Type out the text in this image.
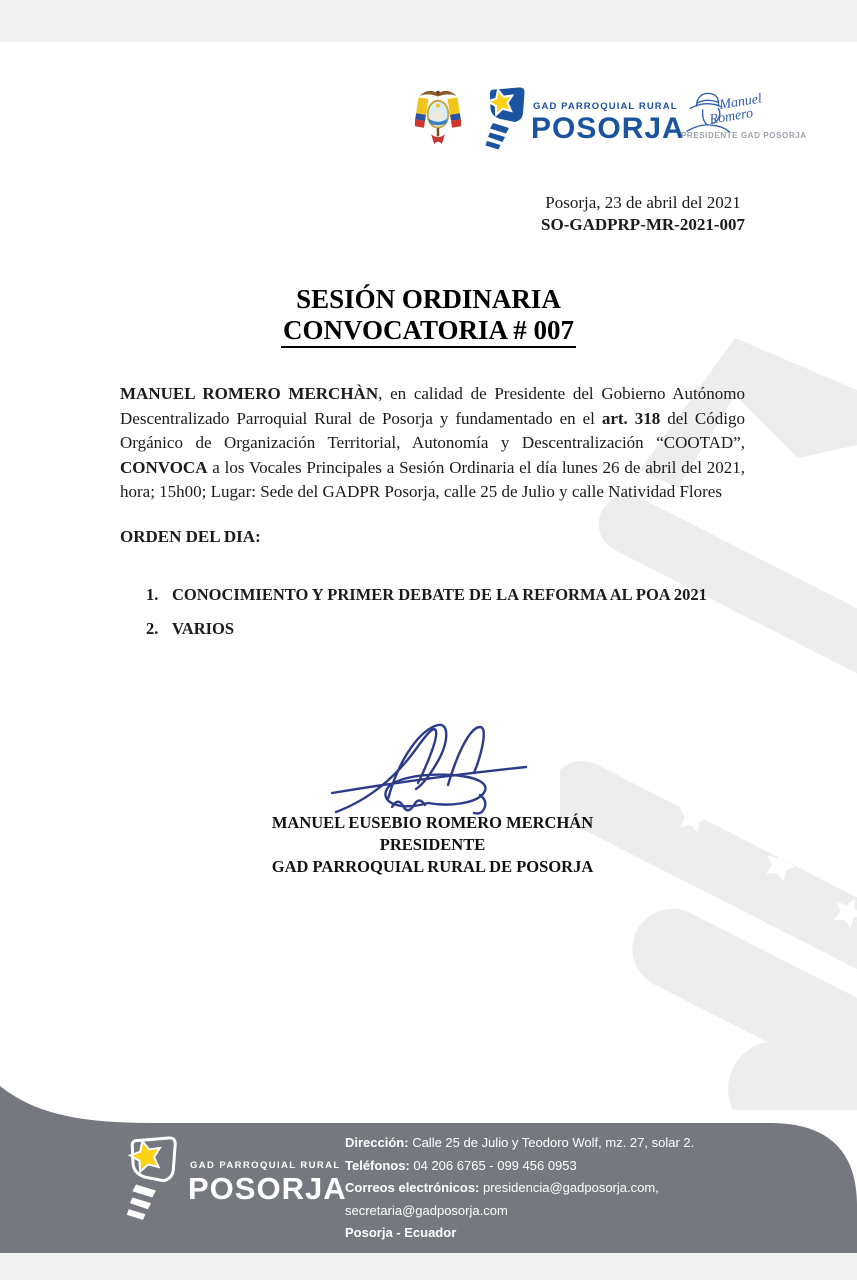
GAD PARROQUIAL RURAL
POSORJA
Manuel
Romero
PRESIDENTE GAD POSORJA
Posorja, 23 de abril del 2021
SO-GADPRP-MR-2021-007
SESIÓN ORDINARIA
CONVOCATORIA # 007

MANUEL ROMERO MERCHÀN, en calidad de Presidente del Gobierno Autónomo Descentralizado Parroquial Rural de Posorja y fundamentado en el art. 318 del Código Orgánico de Organización Territorial, Autonomía y Descentralización “COOTAD”, CONVOCA a los Vocales Principales a Sesión Ordinaria el día lunes 26 de abril del 2021, hora; 15h00; Lugar: Sede del GADPR Posorja, calle 25 de Julio y calle Natividad Flores

ORDEN DEL DIA:
1. CONOCIMIENTO Y PRIMER DEBATE DE LA REFORMA AL POA 2021
2. VARIOS
MANUEL EUSEBIO ROMERO MERCHÁN
PRESIDENTE
GAD PARROQUIAL RURAL DE POSORJA
GAD PARROQUIAL RURAL
POSORJA
Dirección: Calle 25 de Julio y Teodoro Wolf, mz. 27, solar 2.
Teléfonos: 04 206 6765 - 099 456 0953
Correos electrónicos: presidencia@gadposorja.com,
secretaria@gadposorja.com
Posorja - Ecuador
